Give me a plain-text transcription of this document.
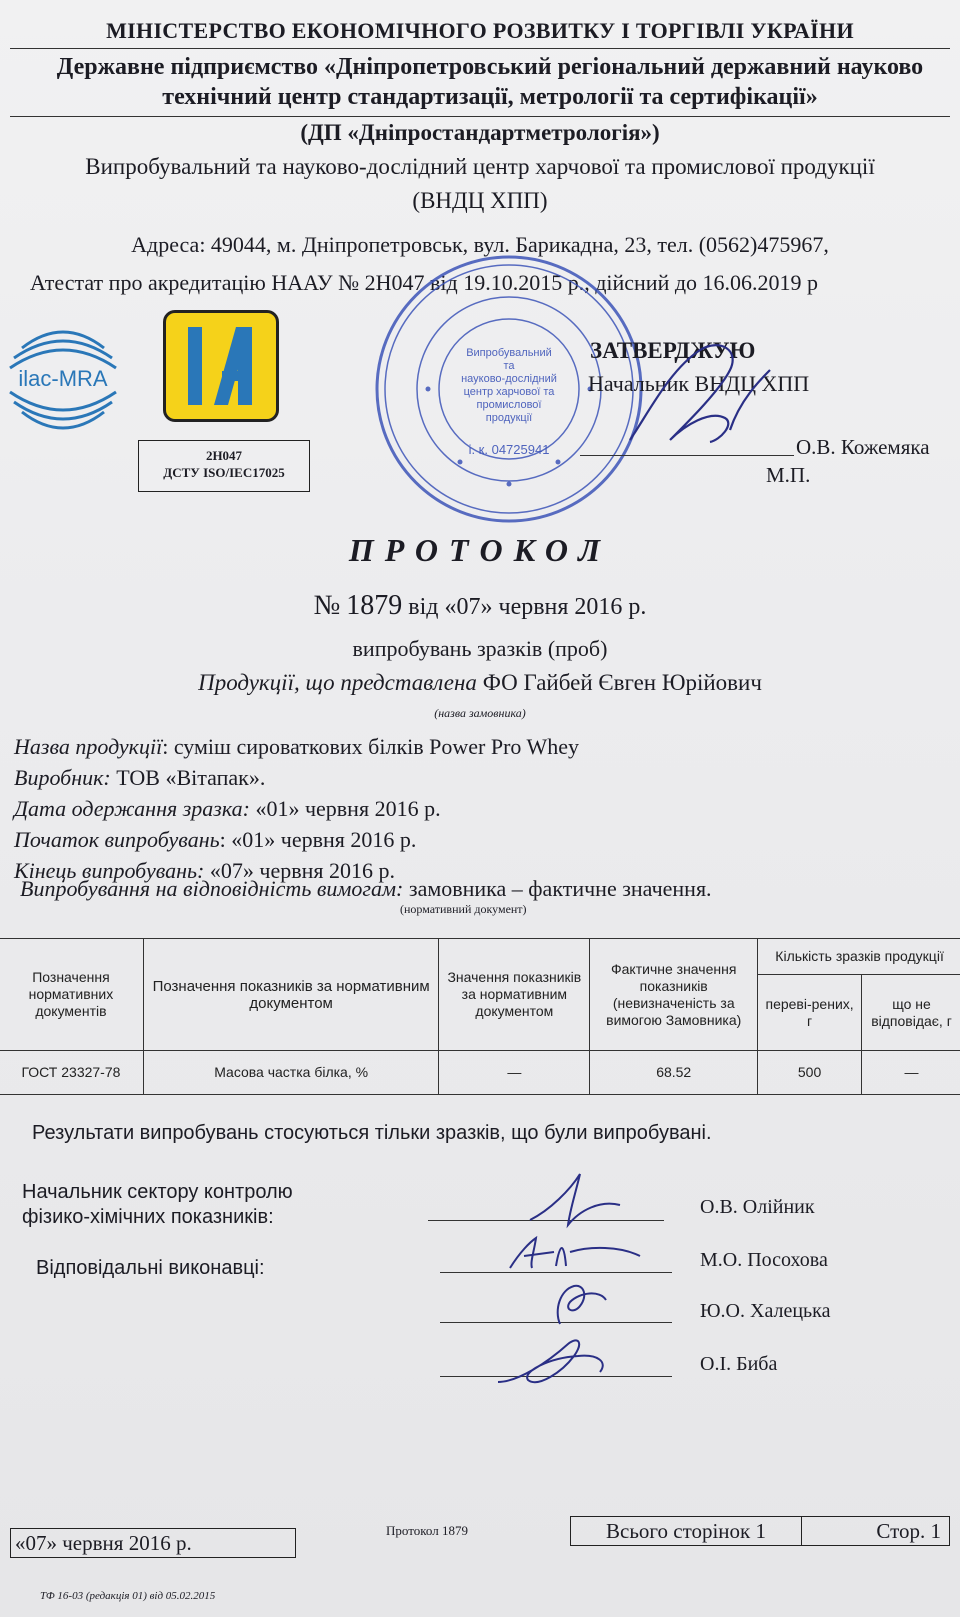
МІНІСТЕРСТВО ЕКОНОМІЧНОГО РОЗВИТКУ І ТОРГІВЛІ УКРАЇНИ
Державне підприємство «Дніпропетровський регіональний державний науково
технічний центр стандартизації, метрології та сертифікації»
(ДП «Дніпростандартметрологія»)
Випробувальний та науково-дослідний центр харчової та промислової продукції
(ВНДЦ ХПП)
Адреса: 49044, м. Дніпропетровськ, вул. Барикадна, 23, тел. (0562)475967,
Атестат про акредитацію НААУ № 2Н047 від 19.10.2015 р., дійсний до 16.06.2019 р
ilac-MRA
2Н047
ДСТУ ISO/IEC17025
Випробувальний
та
науково-дослідний
центр харчової та
промислової
продукції
і. к. 04725941
ЗАТВЕРДЖУЮ
Начальник ВНДЦ ХПП
О.В. Кожемяка
М.П.
ПРОТОКОЛ
№ 1879 від «07» червня 2016 р.
випробувань зразків (проб)
Продукції, що представлена ФО Гайбей Євген Юрійович
(назва замовника)
Назва продукції: суміш сироваткових білків Power Pro Whey
Виробник: ТОВ «Вітапак».
Дата одержання зразка: «01» червня 2016 р.
Початок випробувань: «01» червня 2016 р.
Кінець випробувань: «07» червня 2016 р.
Випробування на відповідність вимогам: замовника – фактичне значення.
(нормативний документ)
Позначення нормативних документів	Позначення показників за нормативним документом	Значення показників за нормативним документом	Фактичне значення показників (невизначеність за вимогою Замовника)	Кількість зразків продукції	
				переві-рених, г	що не відповідає, г
ГОСТ 23327-78	Масова частка білка, %	—	68.52	500	—
Результати випробувань стосуються тільки зразків, що були випробувані.
Начальник сектору контролю
фізико-хімічних показників:	О.В. Олійник
Відповідальні виконавці:	М.О. Посохова
Ю.О. Халецька
О.І. Биба
«07» червня 2016 р.
Протокол 1879	Всього сторінок 1	Стор. 1
ТФ 16-03 (редакція 01) від 05.02.2015
